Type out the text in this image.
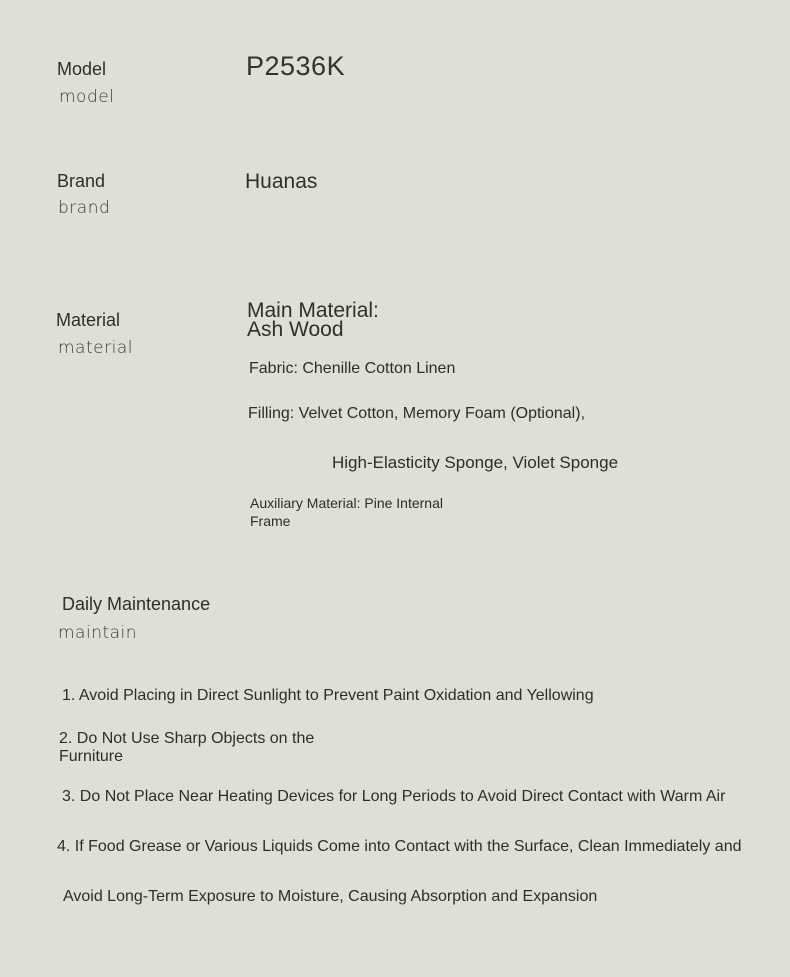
Model
model
P2536K
Brand
brand
Huanas
Material
material
Main Material:
Ash Wood
Fabric: Chenille Cotton Linen
Filling: Velvet Cotton, Memory Foam (Optional),
High-Elasticity Sponge, Violet Sponge
Auxiliary Material: Pine Internal
Frame
Daily Maintenance
maintain
1. Avoid Placing in Direct Sunlight to Prevent Paint Oxidation and Yellowing
2. Do Not Use Sharp Objects on the
Furniture
3. Do Not Place Near Heating Devices for Long Periods to Avoid Direct Contact with Warm Air
4. If Food Grease or Various Liquids Come into Contact with the Surface, Clean Immediately and
Avoid Long-Term Exposure to Moisture, Causing Absorption and Expansion
